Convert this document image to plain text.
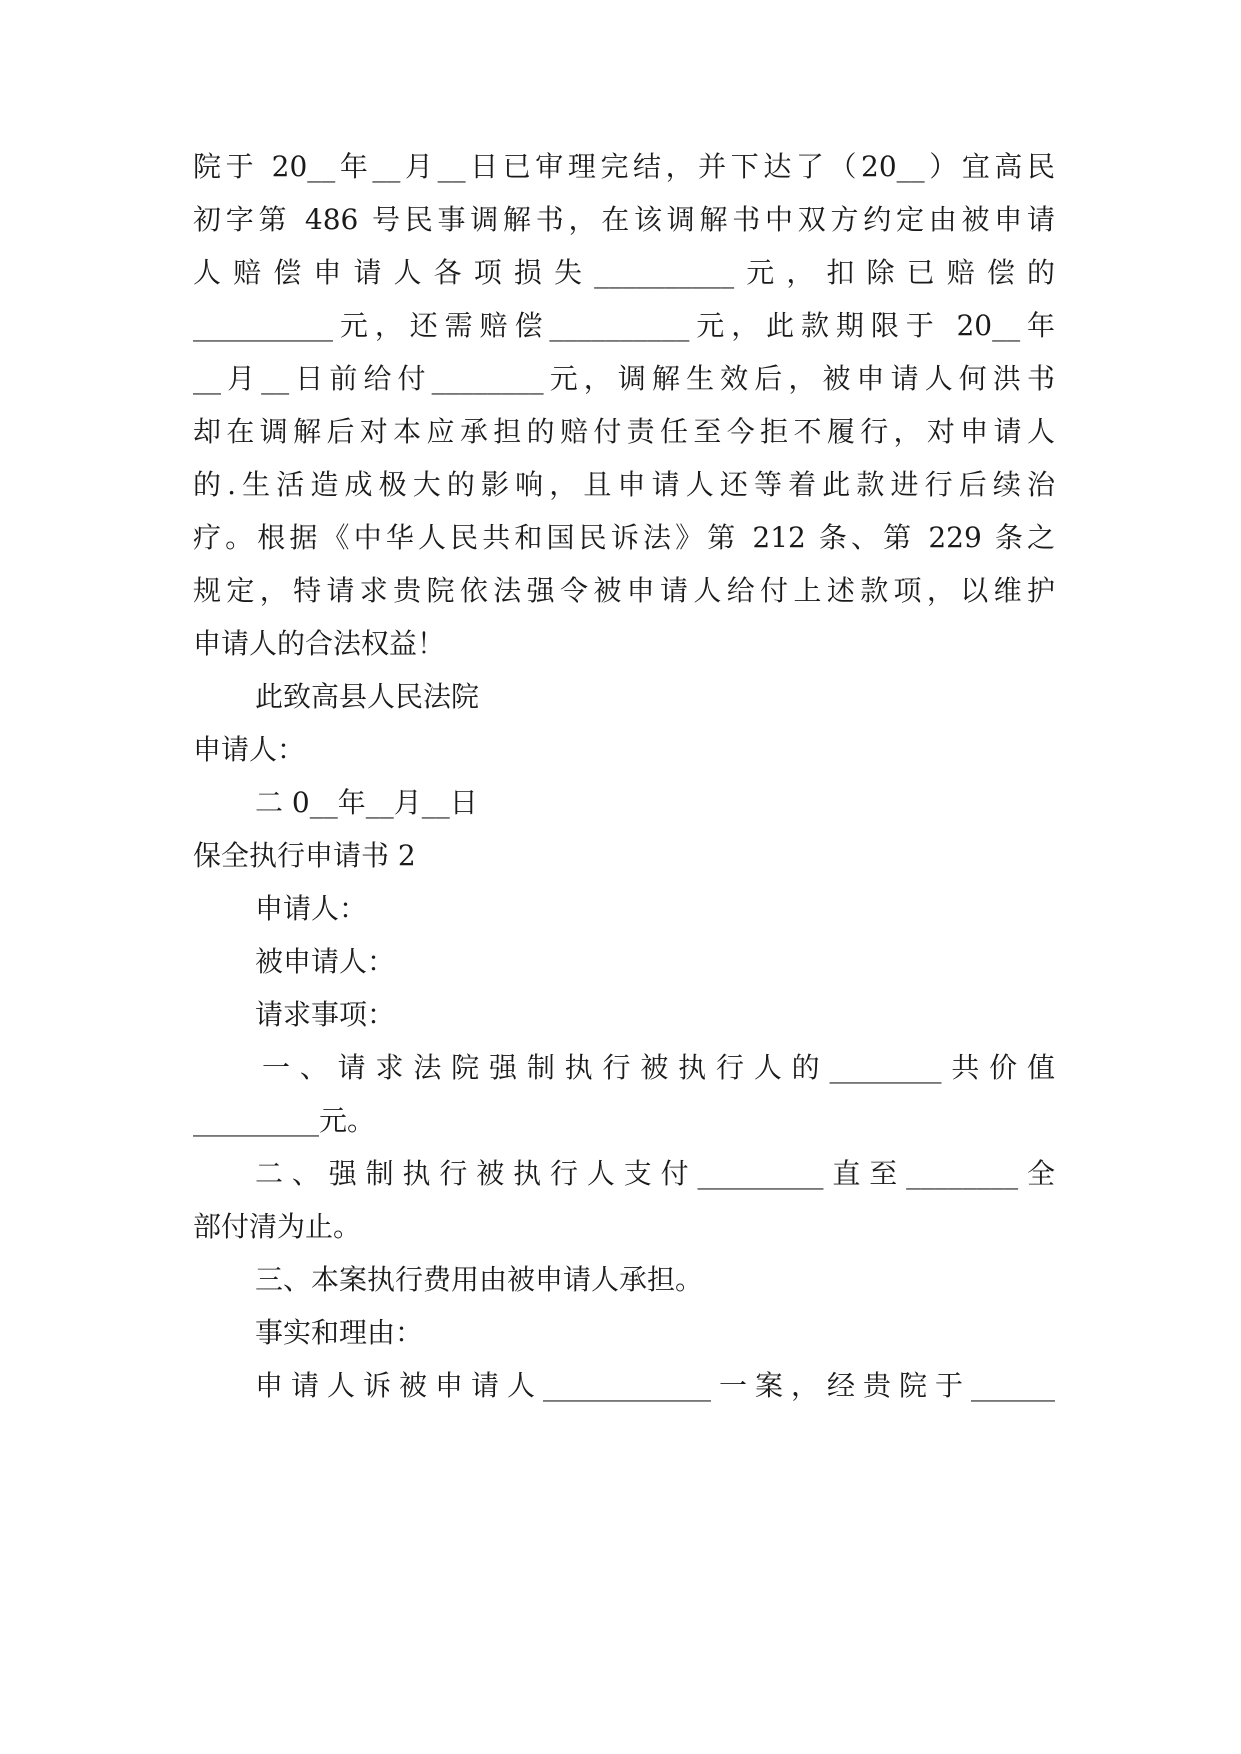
院于 20__年__月__日已审理完结，并下达了（20__）宜高民
初字第 486 号民事调解书，在该调解书中双方约定由被申请
人赔偿申请人各项损失__________元，扣除已赔偿的
__________元，还需赔偿__________元，此款期限于 20__年
__月__日前给付________元，调解生效后，被申请人何洪书
却在调解后对本应承担的赔付责任至今拒不履行，对申请人
的.生活造成极大的影响，且申请人还等着此款进行后续治
疗。根据《中华人民共和国民诉法》第 212 条、第 229 条之
规定，特请求贵院依法强令被申请人给付上述款项，以维护
申请人的合法权益！
此致高县人民法院
申请人：
二 0__年__月__日
保全执行申请书 2
申请人：
被申请人：
请求事项：
一、请求法院强制执行被执行人的________共价值
_________元。
二、强制执行被执行人支付_________直至________全
部付清为止。
三、本案执行费用由被申请人承担。
事实和理由：
申请人诉被申请人____________一案，经贵院于______
